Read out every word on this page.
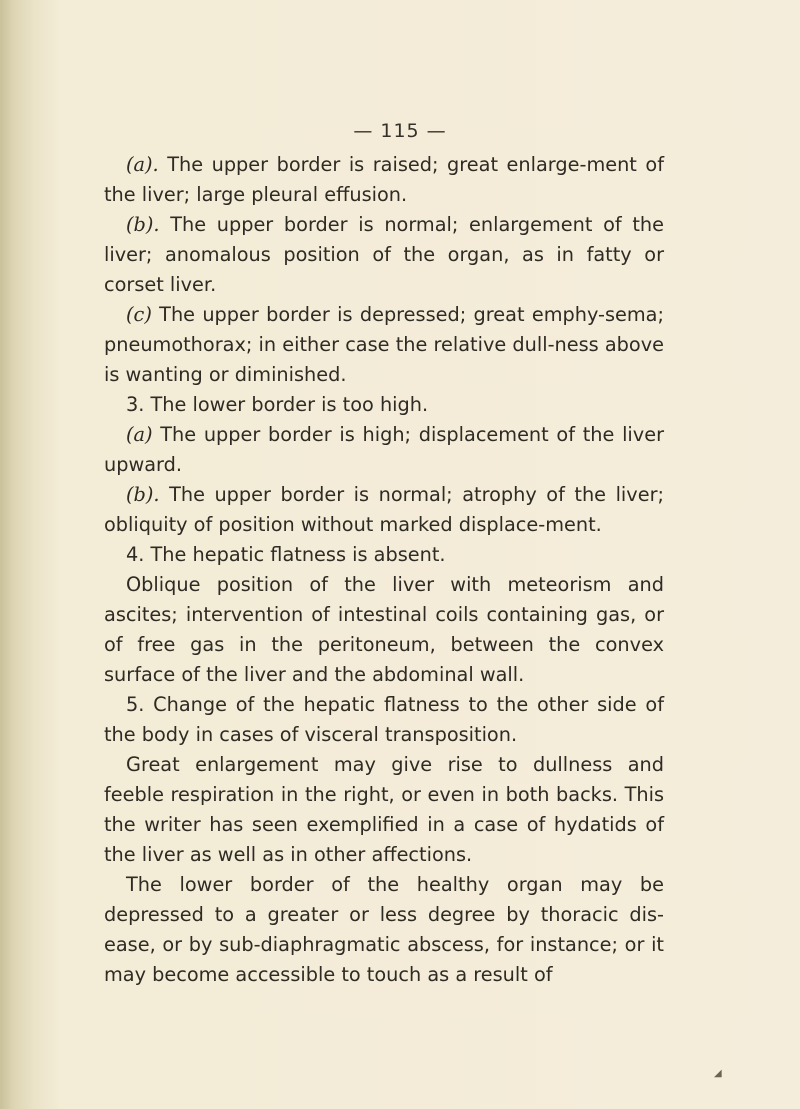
— 115 —

(a). The upper border is raised; great enlarge-ment of the liver; large pleural effusion.

(b). The upper border is normal; enlargement of the liver; anomalous position of the organ, as in fatty or corset liver.

(c) The upper border is depressed; great emphy-sema; pneumothorax; in either case the relative dull-ness above is wanting or diminished.

3. The lower border is too high.

(a) The upper border is high; displacement of the liver upward.

(b). The upper border is normal; atrophy of the liver; obliquity of position without marked displace-ment.

4. The hepatic flatness is absent.

Oblique position of the liver with meteorism and ascites; intervention of intestinal coils containing gas, or of free gas in the peritoneum, between the convex surface of the liver and the abdominal wall.

5. Change of the hepatic flatness to the other side of the body in cases of visceral transposition.

Great enlargement may give rise to dullness and feeble respiration in the right, or even in both backs. This the writer has seen exemplified in a case of hydatids of the liver as well as in other affections.

The lower border of the healthy organ may be depressed to a greater or less degree by thoracic dis-ease, or by sub-diaphragmatic abscess, for instance; or it may become accessible to touch as a result of

◢
